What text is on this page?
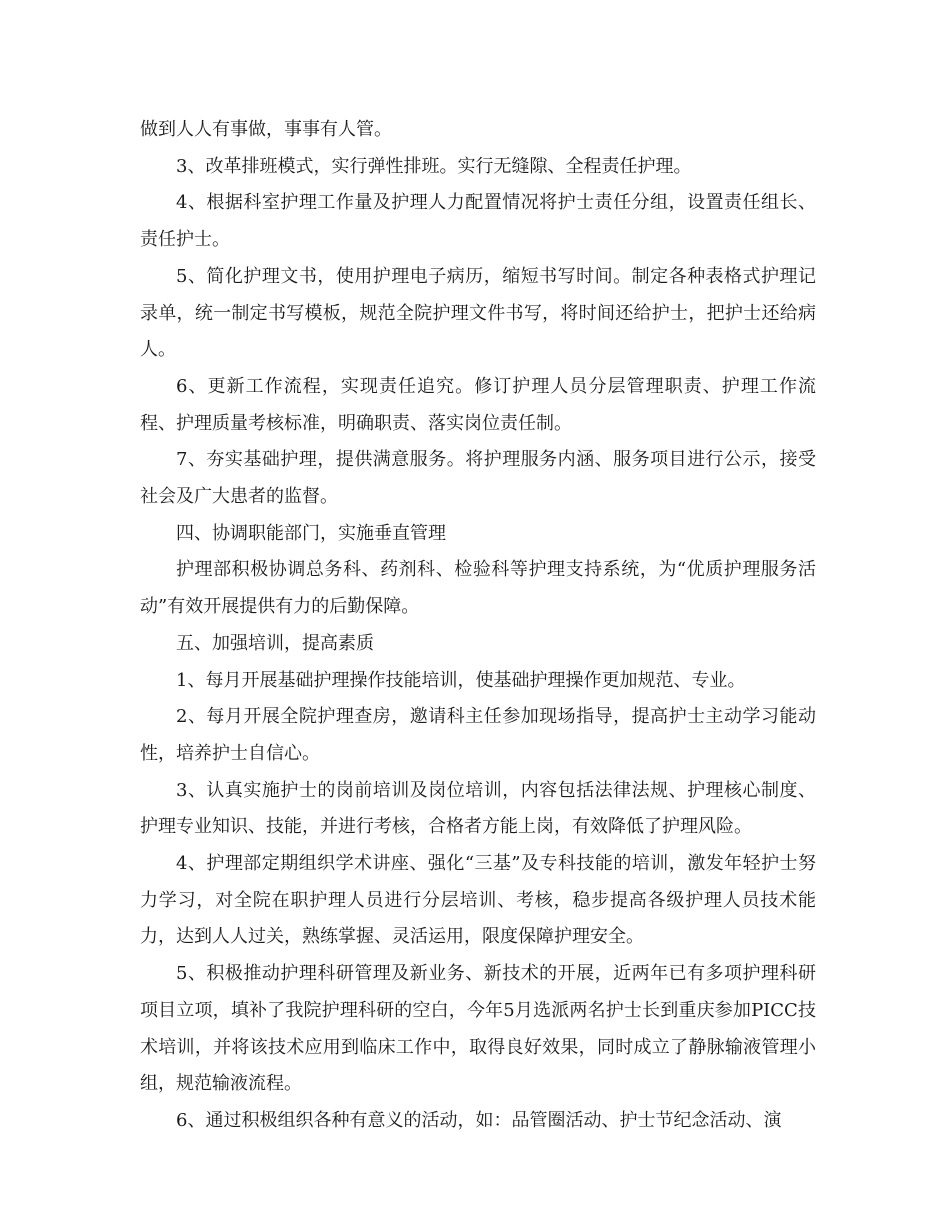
做到人人有事做，事事有人管。

3、改革排班模式，实行弹性排班。实行无缝隙、全程责任护理。

4、根据科室护理工作量及护理人力配置情况将护士责任分组，设置责任组长、责任护士。

5、简化护理文书，使用护理电子病历，缩短书写时间。制定各种表格式护理记录单，统一制定书写模板，规范全院护理文件书写，将时间还给护士，把护士还给病人。

6、更新工作流程，实现责任追究。修订护理人员分层管理职责、护理工作流程、护理质量考核标准，明确职责、落实岗位责任制。

7、夯实基础护理，提供满意服务。将护理服务内涵、服务项目进行公示，接受社会及广大患者的监督。

四、协调职能部门，实施垂直管理

护理部积极协调总务科、药剂科、检验科等护理支持系统，为“优质护理服务活动”有效开展提供有力的后勤保障。

五、加强培训，提高素质

1、每月开展基础护理操作技能培训，使基础护理操作更加规范、专业。

2、每月开展全院护理查房，邀请科主任参加现场指导，提高护士主动学习能动性，培养护士自信心。

3、认真实施护士的岗前培训及岗位培训，内容包括法律法规、护理核心制度、护理专业知识、技能，并进行考核，合格者方能上岗，有效降低了护理风险。

4、护理部定期组织学术讲座、强化“三基”及专科技能的培训，激发年轻护士努力学习，对全院在职护理人员进行分层培训、考核，稳步提高各级护理人员技术能力，达到人人过关，熟练掌握、灵活运用，限度保障护理安全。

5、积极推动护理科研管理及新业务、新技术的开展，近两年已有多项护理科研项目立项，填补了我院护理科研的空白，今年5月选派两名护士长到重庆参加PICC技术培训，并将该技术应用到临床工作中，取得良好效果，同时成立了静脉输液管理小组，规范输液流程。

6、通过积极组织各种有意义的活动，如：品管圈活动、护士节纪念活动、演
